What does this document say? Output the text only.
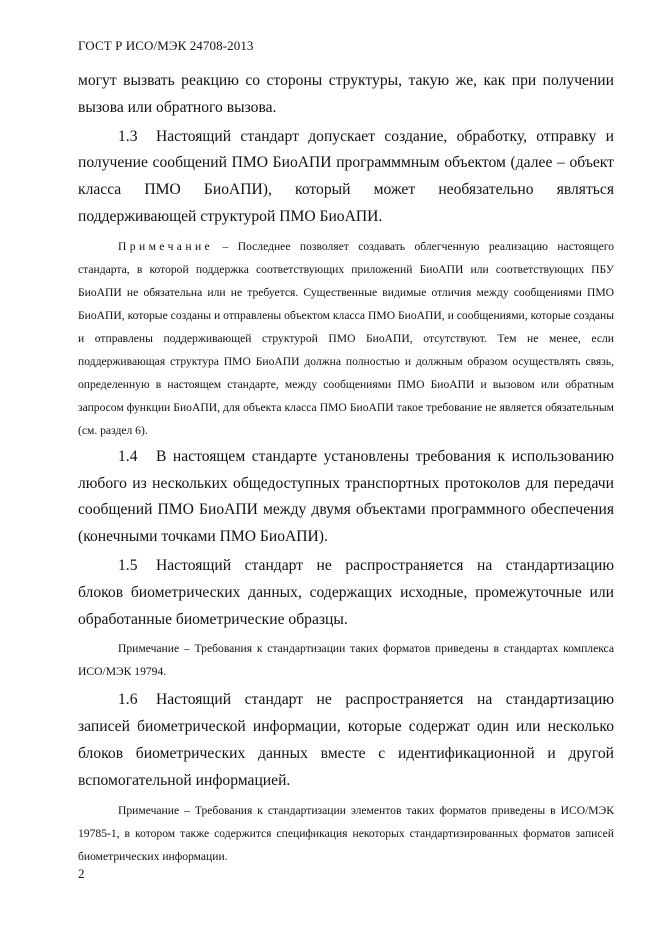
ГОСТ Р ИСО/МЭК 24708-2013

могут вызвать реакцию со стороны структуры, такую же, как при получении вызова или обратного вызова.

1.3 Настоящий стандарт допускает создание, обработку, отправку и получение сообщений ПМО БиоАПИ программмным объектом (далее – объект класса ПМО БиоАПИ), который может необязательно являться поддерживающей структурой ПМО БиоАПИ.

Примечание – Последнее позволяет создавать облегченную реализацию настоящего стандарта, в которой поддержка соответствующих приложений БиоАПИ или соответствующих ПБУ БиоАПИ не обязательна или не требуется. Существенные видимые отличия между сообщениями ПМО БиоАПИ, которые созданы и отправлены объектом класса ПМО БиоАПИ, и сообщениями, которые созданы и отправлены поддерживающей структурой ПМО БиоАПИ, отсутствуют. Тем не менее, если поддерживающая структура ПМО БиоАПИ должна полностью и должным образом осуществлять связь, определенную в настоящем стандарте, между сообщениями ПМО БиоАПИ и вызовом или обратным запросом функции БиоАПИ, для объекта класса ПМО БиоАПИ такое требование не является обязательным (см. раздел 6).

1.4 В настоящем стандарте установлены требования к использованию любого из нескольких общедоступных транспортных протоколов для передачи сообщений ПМО БиоАПИ между двумя объектами программного обеспечения (конечными точками ПМО БиоАПИ).

1.5 Настоящий стандарт не распространяется на стандартизацию блоков биометрических данных, содержащих исходные, промежуточные или обработанные биометрические образцы.

Примечание – Требования к стандартизации таких форматов приведены в стандартах комплекса ИСО/МЭК 19794.

1.6 Настоящий стандарт не распространяется на стандартизацию записей биометрической информации, которые содержат один или несколько блоков биометрических данных вместе с идентификационной и другой вспомогательной информацией.

Примечание – Требования к стандартизации элементов таких форматов приведены в ИСО/МЭК 19785-1, в котором также содержится спецификация некоторых стандартизированных форматов записей биометрических информации.

2
